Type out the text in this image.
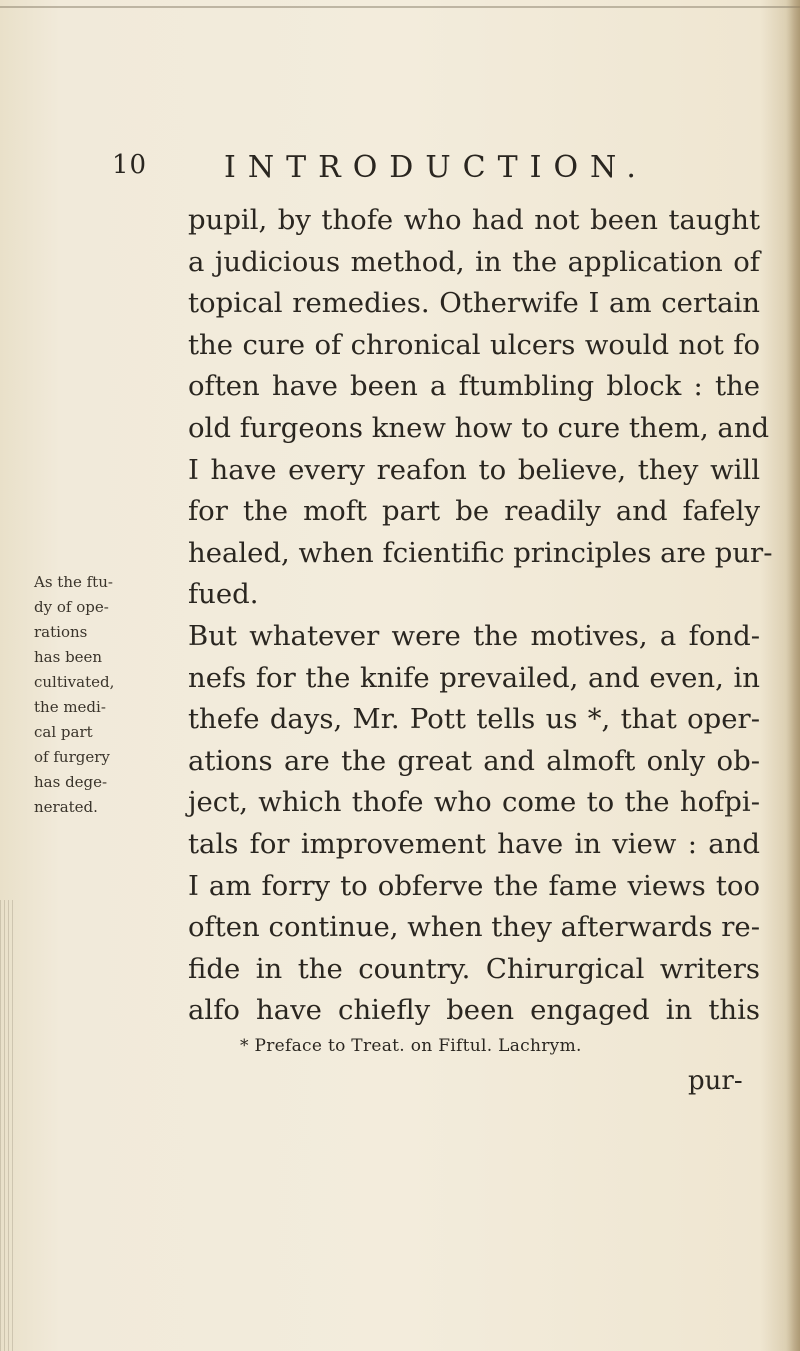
10	INTRODUCTION.
pupil, by thofe who had not been taught
a judicious method, in the application of
topical remedies. Otherwife I am certain
the cure of chronical ulcers would not fo
often have been a ftumbling block : the
old furgeons knew how to cure them, and
I have every reafon to believe, they will
for the moft part be readily and fafely
healed, when fcientific principles are pur-
fued.
But whatever were the motives, a fond-
nefs for the knife prevailed, and even, in
thefe days, Mr. Pott tells us *, that oper-
ations are the great and almoft only ob-
ject, which thofe who come to the hofpi-
tals for improvement have in view : and
I am forry to obferve the fame views too
often continue, when they afterwards re-
fide in the country. Chirurgical writers
alfo have chiefly been engaged in this
As the ftu-
dy of ope-
rations
has been
cultivated,
the medi-
cal part
of furgery
has dege-
nerated.
* Preface to Treat. on Fiftul. Lachrym.
pur-
